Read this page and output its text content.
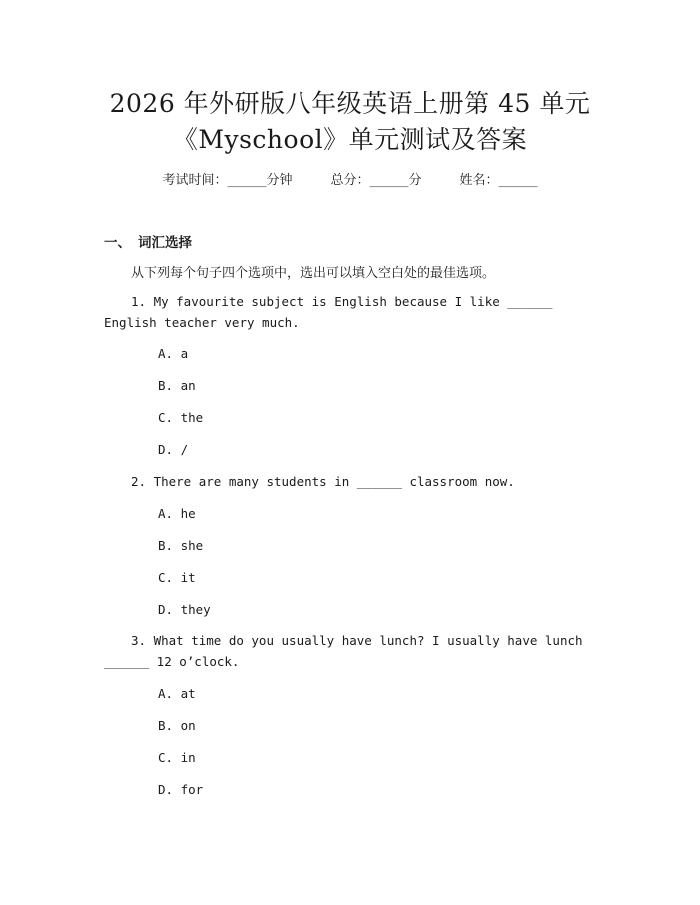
2026 年外研版八年级英语上册第 45 单元
《Myschool》单元测试及答案
考试时间：______分钟	总分：______分	姓名：______
一、 词汇选择
从下列每个句子四个选项中，选出可以填入空白处的最佳选项。
1. My favourite subject is English because I like ______ English teacher very much.
A. a
B. an
C. the
D. /
2. There are many students in ______ classroom now.
A. he
B. she
C. it
D. they
3. What time do you usually have lunch? I usually have lunch ______ 12 o’clock.
A. at
B. on
C. in
D. for
